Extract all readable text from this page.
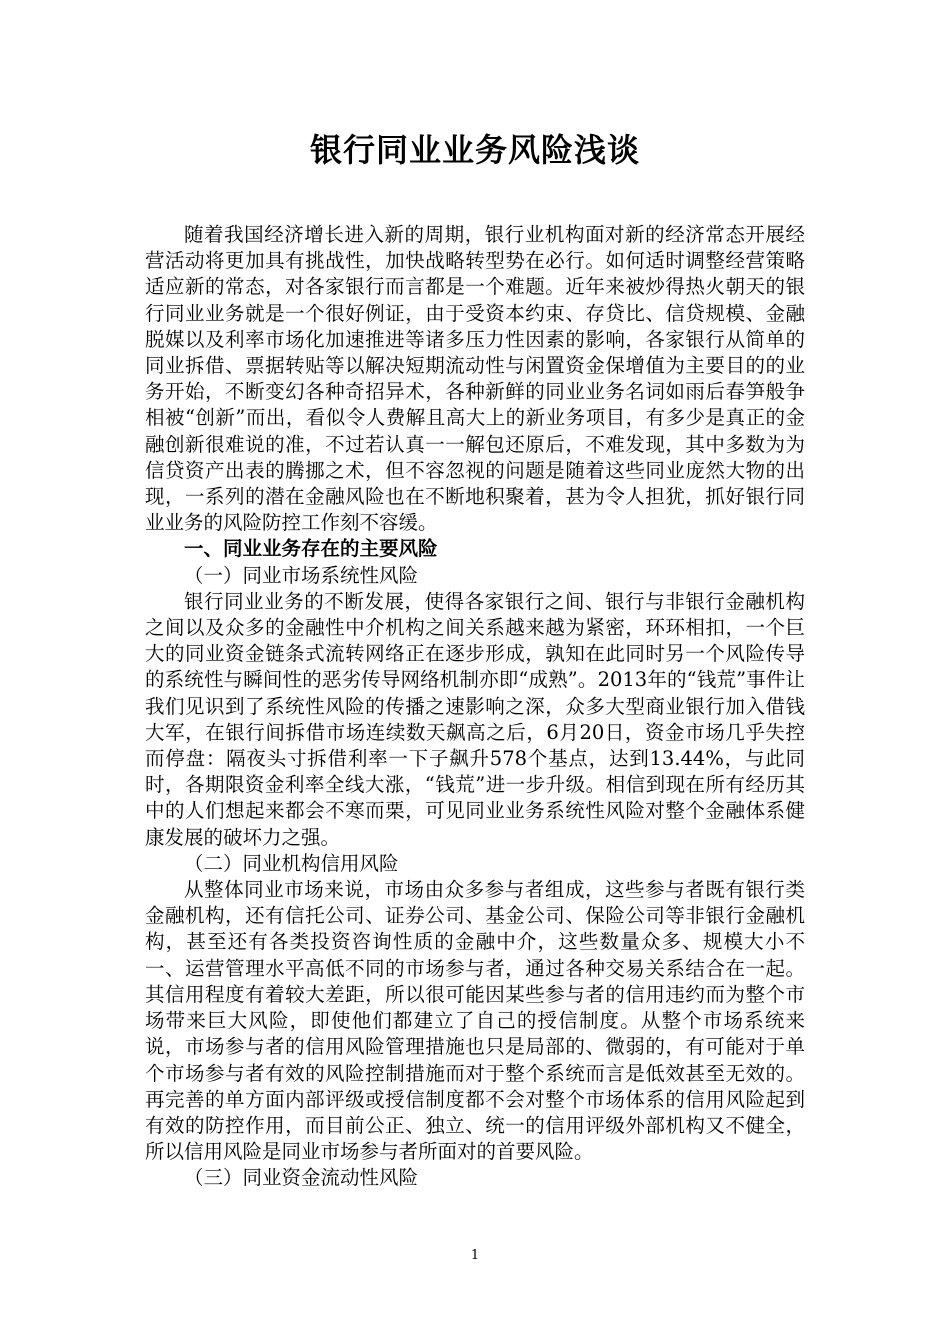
银行同业业务风险浅谈

随着我国经济增长进入新的周期，银行业机构面对新的经济常态开展经营活动将更加具有挑战性，加快战略转型势在必行。如何适时调整经营策略适应新的常态，对各家银行而言都是一个难题。近年来被炒得热火朝天的银行同业业务就是一个很好例证，由于受资本约束、存贷比、信贷规模、金融脱媒以及利率市场化加速推进等诸多压力性因素的影响，各家银行从简单的同业拆借、票据转贴等以解决短期流动性与闲置资金保增值为主要目的的业务开始，不断变幻各种奇招异术，各种新鲜的同业业务名词如雨后春笋般争相被“创新”而出，看似令人费解且高大上的新业务项目，有多少是真正的金融创新很难说的准，不过若认真一一解包还原后，不难发现，其中多数为为信贷资产出表的腾挪之术，但不容忽视的问题是随着这些同业庞然大物的出现，一系列的潜在金融风险也在不断地积聚着，甚为令人担犹，抓好银行同业业务的风险防控工作刻不容缓。

一、同业业务存在的主要风险

（一）同业市场系统性风险

银行同业业务的不断发展，使得各家银行之间、银行与非银行金融机构之间以及众多的金融性中介机构之间关系越来越为紧密，环环相扣，一个巨大的同业资金链条式流转网络正在逐步形成，孰知在此同时另一个风险传导的系统性与瞬间性的恶劣传导网络机制亦即“成熟”。2013年的“钱荒”事件让我们见识到了系统性风险的传播之速影响之深，众多大型商业银行加入借钱大军，在银行间拆借市场连续数天飙高之后，6月20日，资金市场几乎失控而停盘：隔夜头寸拆借利率一下子飙升578个基点，达到13.44%，与此同时，各期限资金利率全线大涨，“钱荒”进一步升级。相信到现在所有经历其中的人们想起来都会不寒而栗，可见同业业务系统性风险对整个金融体系健康发展的破坏力之强。

（二）同业机构信用风险

从整体同业市场来说，市场由众多参与者组成，这些参与者既有银行类金融机构，还有信托公司、证券公司、基金公司、保险公司等非银行金融机构，甚至还有各类投资咨询性质的金融中介，这些数量众多、规模大小不一、运营管理水平高低不同的市场参与者，通过各种交易关系结合在一起。其信用程度有着较大差距，所以很可能因某些参与者的信用违约而为整个市场带来巨大风险，即使他们都建立了自己的授信制度。从整个市场系统来说，市场参与者的信用风险管理措施也只是局部的、微弱的，有可能对于单个市场参与者有效的风险控制措施而对于整个系统而言是低效甚至无效的。再完善的单方面内部评级或授信制度都不会对整个市场体系的信用风险起到有效的防控作用，而目前公正、独立、统一的信用评级外部机构又不健全，所以信用风险是同业市场参与者所面对的首要风险。

（三）同业资金流动性风险

1
